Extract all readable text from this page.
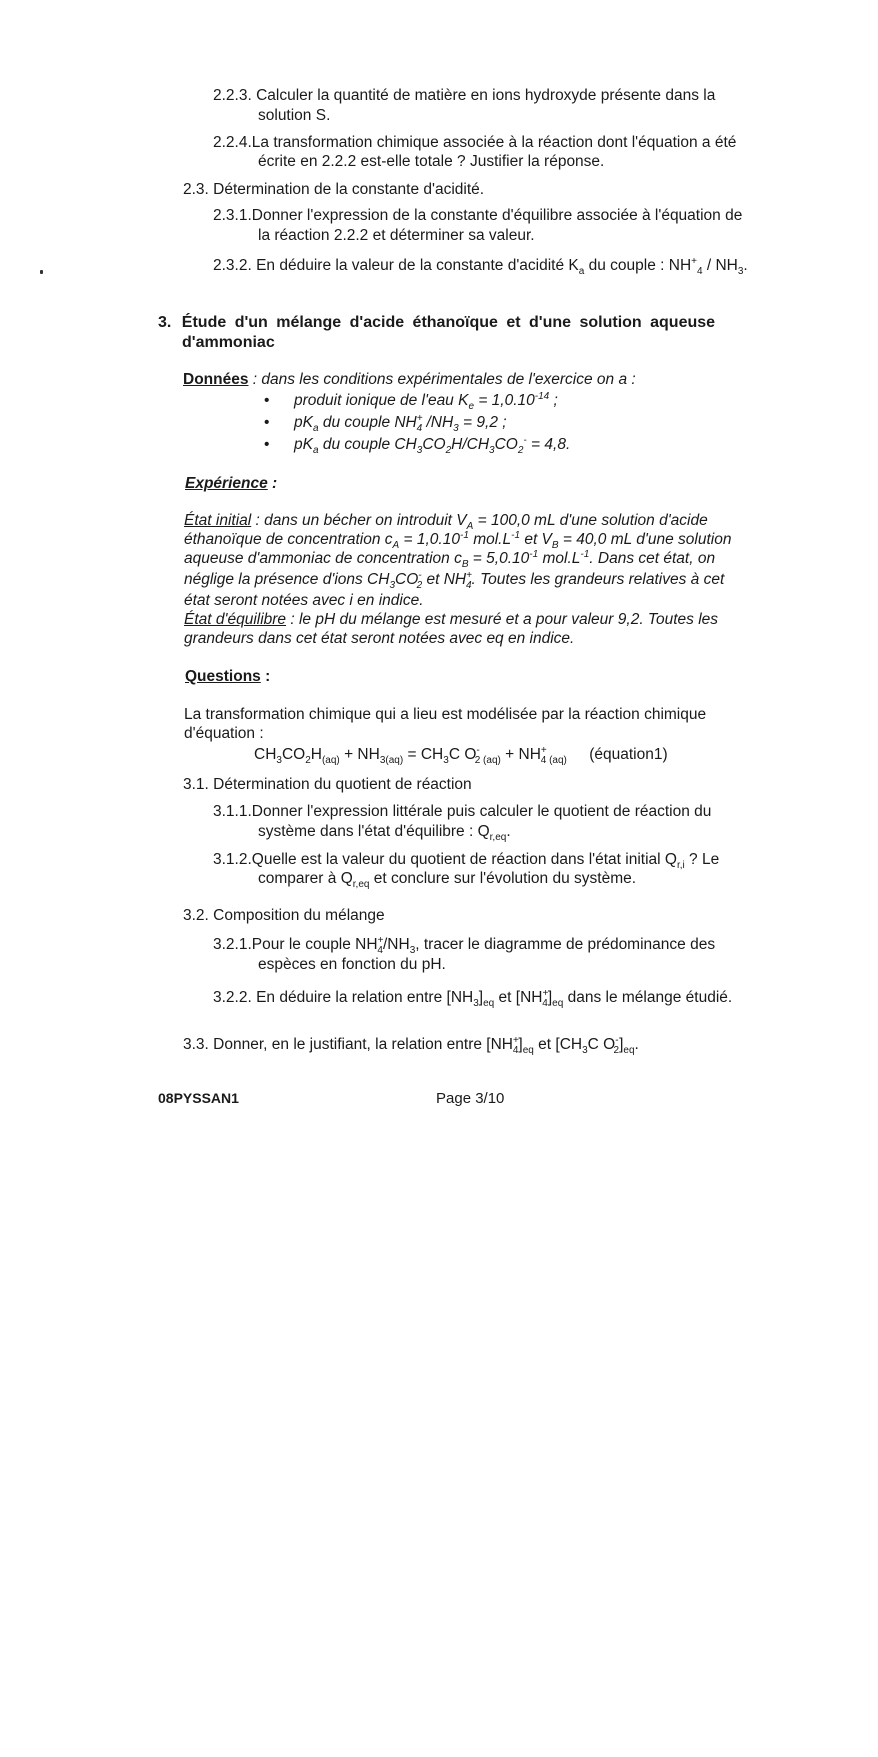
2.2.3. Calculer la quantité de matière en ions hydroxyde présente dans la
solution S.
2.2.4.La transformation chimique associée à la réaction dont l'équation a été
écrite en 2.2.2 est-elle totale ? Justifier la réponse.
2.3. Détermination de la constante d'acidité.
2.3.1.Donner l'expression de la constante d'équilibre associée à l'équation de
la réaction 2.2.2 et déterminer sa valeur.
2.3.2. En déduire la valeur de la constante d'acidité $K_a$ du couple : $NH^+_4 / NH_3$.
3. Étude d'un mélange d'acide éthanoïque et d'une solution aqueuse
d'ammoniac
Données : dans les conditions expérimentales de l'exercice on a :
• produit ionique de l'eau $K_e = 1,0.10^{-14}$ ;
• $pK_a$ du couple $NH^+_4$ $/NH_3 = 9,2$ ;
• $pK_a$ du couple $CH_3CO_2H/CH_3CO_2^- = 4,8$.
Expérience :
État initial : dans un bécher on introduit $V_A = 100,0$ mL d'une solution d'acide
éthanoïque de concentration $c_A = 1,0.10^{-1}$ $mol.L^{-1}$ et $V_B = 40,0$ mL d'une solution
aqueuse d'ammoniac de concentration $c_B = 5,0.10^{-1}$ $mol.L^{-1}$. Dans cet état, on
néglige la présence d'ions $CH_3CO^-_2$ et $NH^+_4$. Toutes les grandeurs relatives à cet
état seront notées avec i en indice.
État d'équilibre : le pH du mélange est mesuré et a pour valeur 9,2. Toutes les
grandeurs dans cet état seront notées avec eq en indice.
Questions :
La transformation chimique qui a lieu est modélisée par la réaction chimique
d'équation :
$CH_3CO_2H_{(aq)} + NH_{3(aq)} = CH_3C$ $O^-_2$ $_{(aq)} + NH^+_4$ $_{(aq)}$ (équation1)
3.1. Détermination du quotient de réaction
3.1.1.Donner l'expression littérale puis calculer le quotient de réaction du
système dans l'état d'équilibre : $Q_{r,eq}$.
3.1.2.Quelle est la valeur du quotient de réaction dans l'état initial $Q_{r,i}$ ? Le
comparer à $Q_{r,eq}$ et conclure sur l'évolution du système.
3.2. Composition du mélange
3.2.1.Pour le couple $NH^+_4/NH_3$, tracer le diagramme de prédominance des
espèces en fonction du pH.
3.2.2. En déduire la relation entre $[NH_3]_{eq}$ et $[NH^+_4]_{eq}$ dans le mélange étudié.
3.3. Donner, en le justifiant, la relation entre $[NH^+_4]_{eq}$ et [$CH_3C$ $O^-_2]_{eq}$.
08PYSSAN1	Page 3/10
